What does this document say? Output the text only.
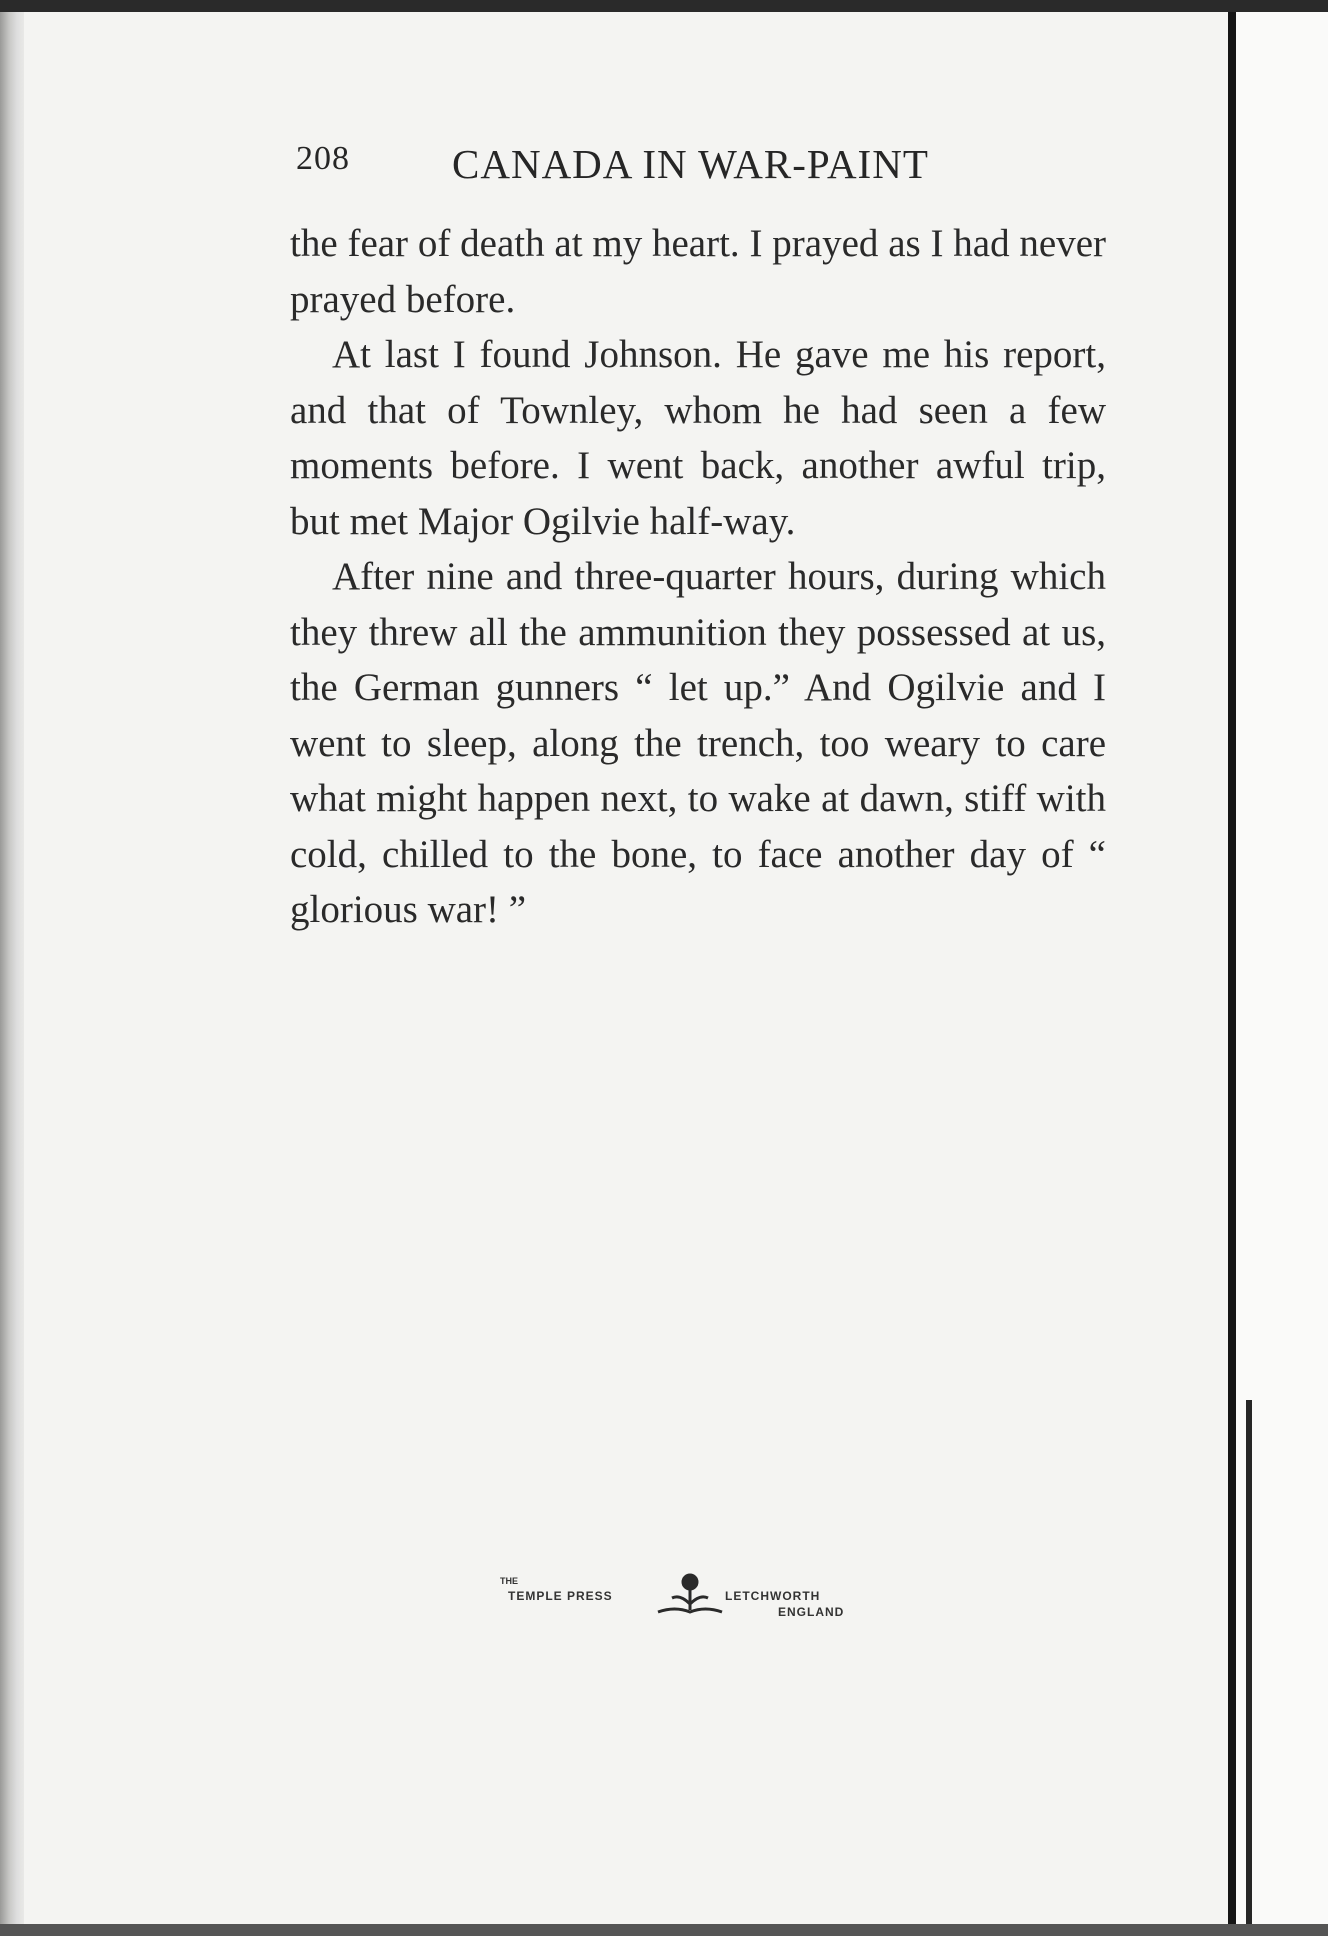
208 CANADA IN WAR-PAINT

the fear of death at my heart. I prayed as I had never prayed before.

At last I found Johnson. He gave me his report, and that of Townley, whom he had seen a few moments before. I went back, another awful trip, but met Major Ogilvie half-way.

After nine and three-quarter hours, during which they threw all the ammunition they possessed at us, the German gunners “ let up.” And Ogilvie and I went to sleep, along the trench, too weary to care what might happen next, to wake at dawn, stiff with cold, chilled to the bone, to face another day of “ glorious war! ”

THE
TEMPLE PRESS	LETCHWORTH
ENGLAND
